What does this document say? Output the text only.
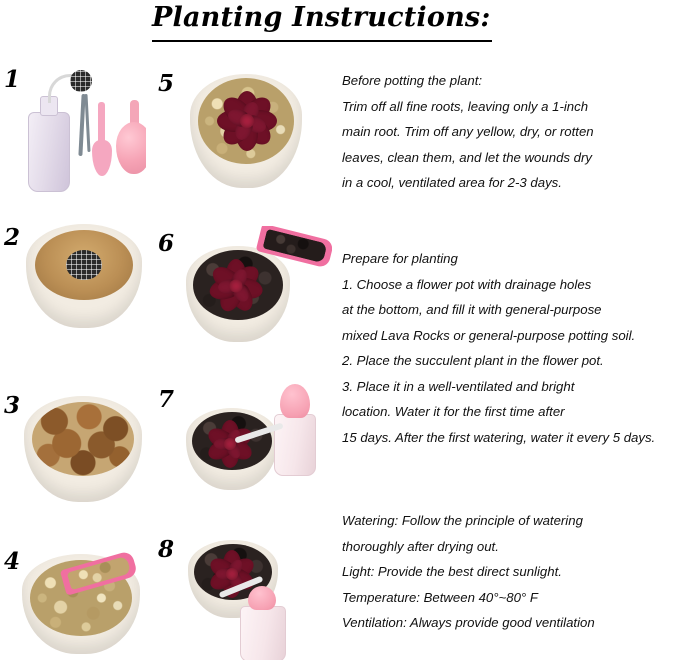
Planting Instructions:
1
2
3
4
5
6
7
8

Before potting the plant:

Trim off all fine roots, leaving only a 1-inch

main root. Trim off any yellow, dry, or rotten

leaves, clean them, and let the wounds dry

in a cool, ventilated area for 2-3 days.

Prepare for planting

1. Choose a flower pot with drainage holes

at the bottom, and fill it with general-purpose

mixed Lava Rocks or general-purpose potting soil.

2. Place the succulent plant in the flower pot.

3. Place it in a well-ventilated and bright

location. Water it for the first time after

15 days. After the first watering, water it every 5 days.

Watering: Follow the principle of watering

thoroughly after drying out.

Light: Provide the best direct sunlight.

Temperature: Between 40°~80° F

Ventilation: Always provide good ventilation
